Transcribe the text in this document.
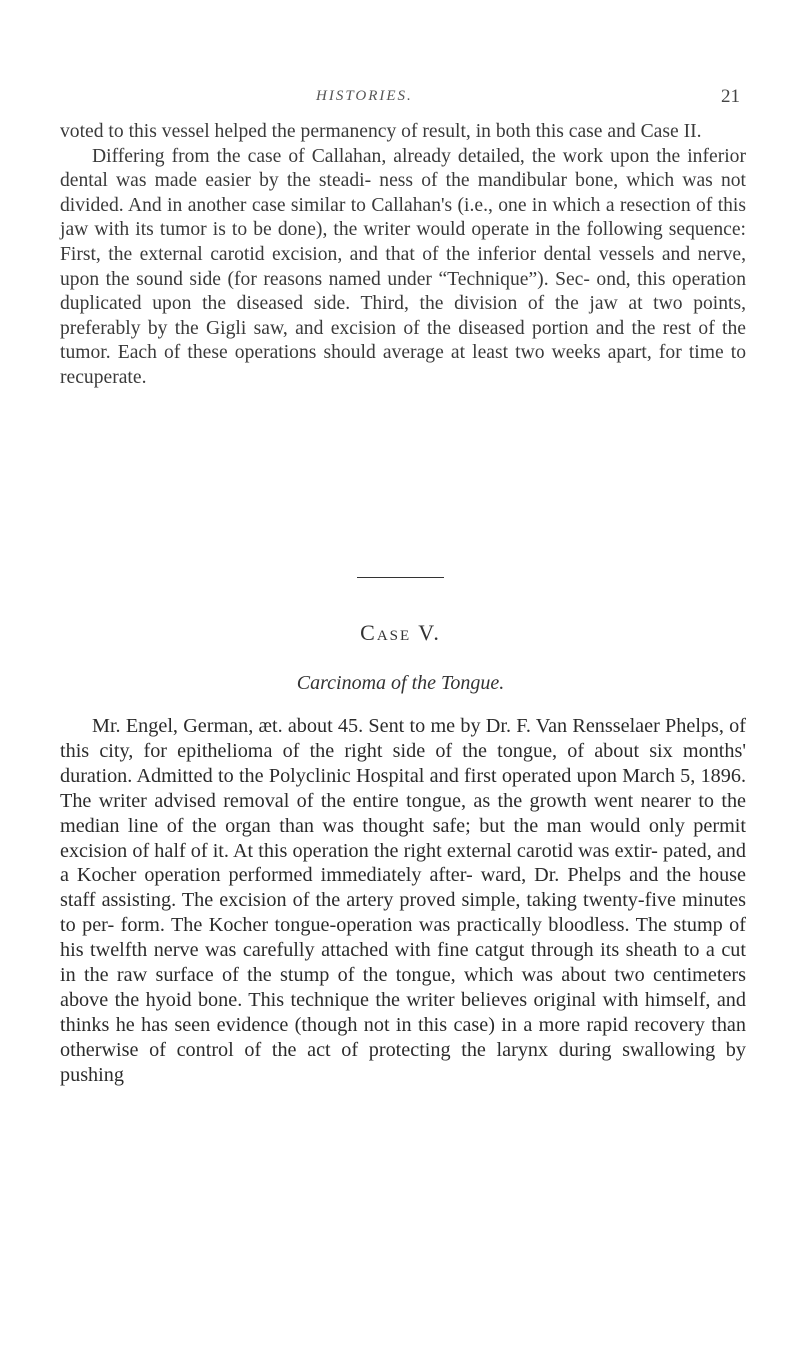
HISTORIES.	21

voted to this vessel helped the permanency of result, in both this case and Case II.

Differing from the case of Callahan, already detailed, the work upon the inferior dental was made easier by the steadi- ness of the mandibular bone, which was not divided. And in another case similar to Callahan's (i.e., one in which a resection of this jaw with its tumor is to be done), the writer would operate in the following sequence: First, the external carotid excision, and that of the inferior dental vessels and nerve, upon the sound side (for reasons named under “Technique”). Sec- ond, this operation duplicated upon the diseased side. Third, the division of the jaw at two points, preferably by the Gigli saw, and excision of the diseased portion and the rest of the tumor. Each of these operations should average at least two weeks apart, for time to recuperate.

Case V.
Carcinoma of the Tongue.

Mr. Engel, German, æt. about 45. Sent to me by Dr. F. Van Rensselaer Phelps, of this city, for epithelioma of the right side of the tongue, of about six months' duration. Admitted to the Polyclinic Hospital and first operated upon March 5, 1896. The writer advised removal of the entire tongue, as the growth went nearer to the median line of the organ than was thought safe; but the man would only permit excision of half of it. At this operation the right external carotid was extir- pated, and a Kocher operation performed immediately after- ward, Dr. Phelps and the house staff assisting. The excision of the artery proved simple, taking twenty-five minutes to per- form. The Kocher tongue-operation was practically bloodless. The stump of his twelfth nerve was carefully attached with fine catgut through its sheath to a cut in the raw surface of the stump of the tongue, which was about two centimeters above the hyoid bone. This technique the writer believes original with himself, and thinks he has seen evidence (though not in this case) in a more rapid recovery than otherwise of control of the act of protecting the larynx during swallowing by pushing
